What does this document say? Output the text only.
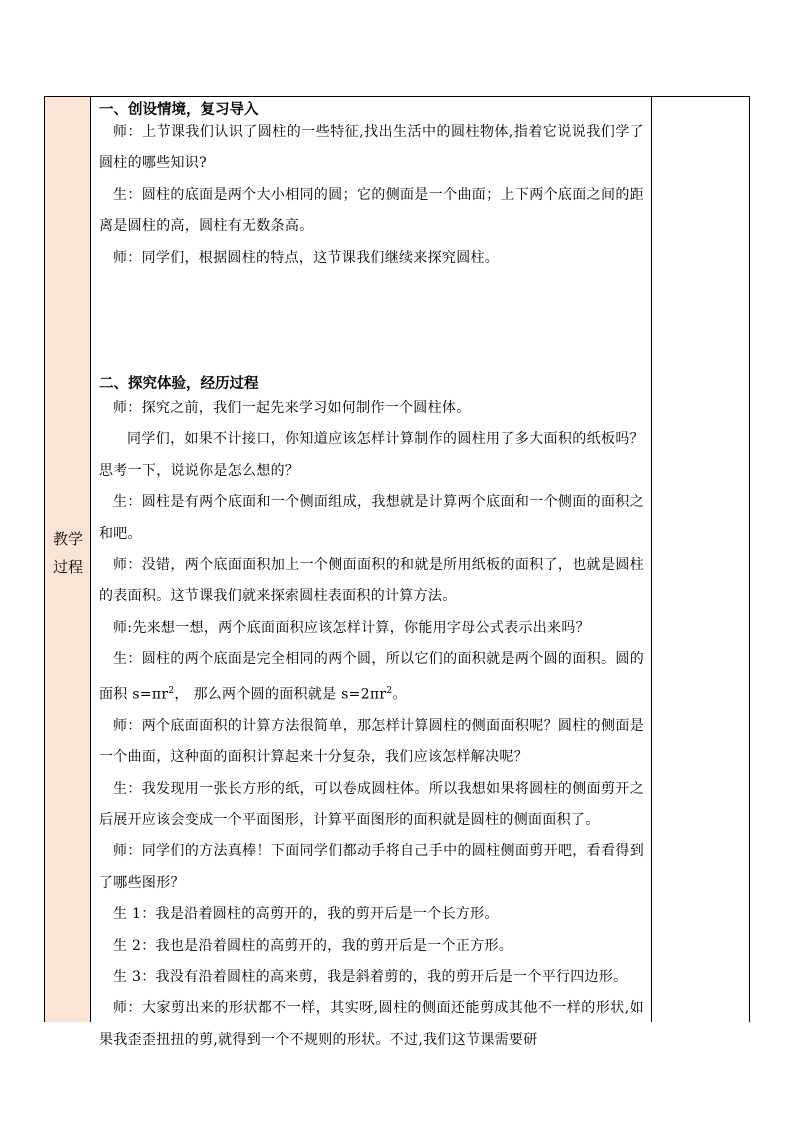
教学
过程

一、创设情境，复习导入

师：上节课我们认识了圆柱的一些特征,找出生活中的圆柱物体,指着它说说我们学了圆柱的哪些知识?

生：圆柱的底面是两个大小相同的圆；它的侧面是一个曲面；上下两个底面之间的距离是圆柱的高，圆柱有无数条高。

师：同学们，根据圆柱的特点，这节课我们继续来探究圆柱。

二、探究体验，经历过程

师：探究之前，我们一起先来学习如何制作一个圆柱体。

同学们，如果不计接口，你知道应该怎样计算制作的圆柱用了多大面积的纸板吗？思考一下，说说你是怎么想的？

生：圆柱是有两个底面和一个侧面组成，我想就是计算两个底面和一个侧面的面积之和吧。

师：没错，两个底面面积加上一个侧面面积的和就是所用纸板的面积了，也就是圆柱的表面积。这节课我们就来探索圆柱表面积的计算方法。

师:先来想一想，两个底面面积应该怎样计算，你能用字母公式表示出来吗？

生：圆柱的两个底面是完全相同的两个圆，所以它们的面积就是两个圆的面积。圆的面积 $s=\pi r^2$， 那么两个圆的面积就是 $s=2\pi r^2$。

师：两个底面面积的计算方法很简单，那怎样计算圆柱的侧面面积呢？圆柱的侧面是一个曲面，这种面的面积计算起来十分复杂，我们应该怎样解决呢？

生：我发现用一张长方形的纸，可以卷成圆柱体。所以我想如果将圆柱的侧面剪开之后展开应该会变成一个平面图形，计算平面图形的面积就是圆柱的侧面面积了。

师：同学们的方法真棒！下面同学们都动手将自己手中的圆柱侧面剪开吧，看看得到了哪些图形？

生 1：我是沿着圆柱的高剪开的，我的剪开后是一个长方形。

生 2：我也是沿着圆柱的高剪开的，我的剪开后是一个正方形。

生 3：我没有沿着圆柱的高来剪，我是斜着剪的，我的剪开后是一个平行四边形。

师：大家剪出来的形状都不一样，其实呀,圆柱的侧面还能剪成其他不一样的形状,如果我歪歪扭扭的剪,就得到一个不规则的形状。不过,我们这节课需要研
